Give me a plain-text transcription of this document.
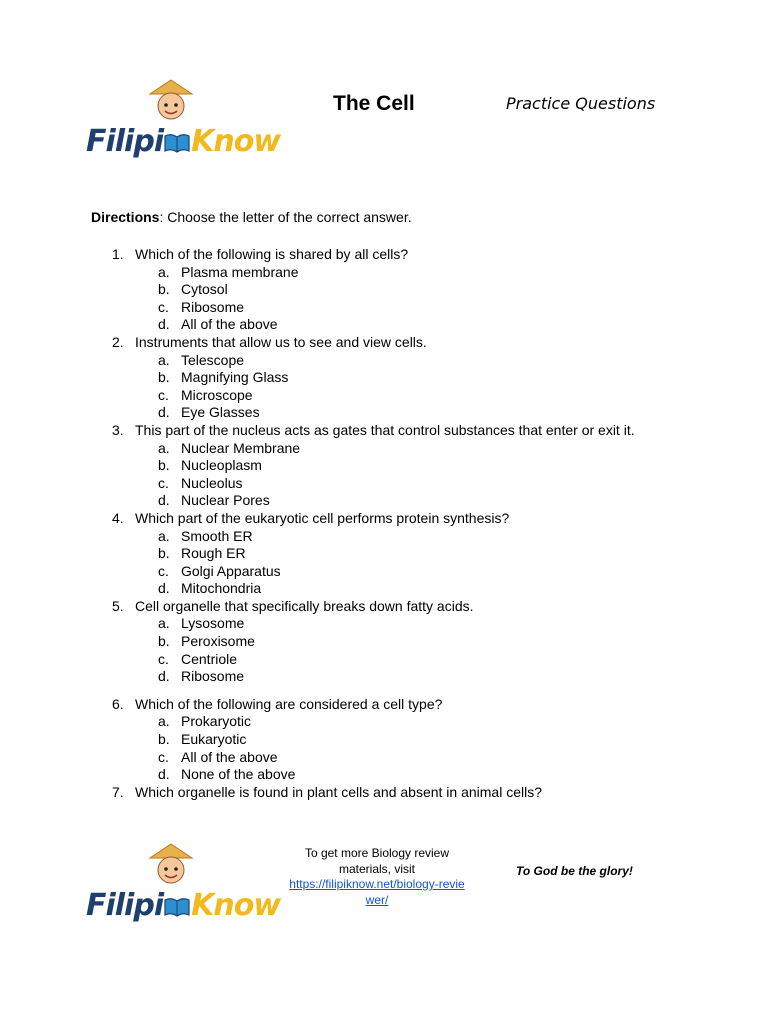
Filipi Know
The Cell	Practice Questions
Directions: Choose the letter of the correct answer.
1. Which of the following is shared by all cells?
a. Plasma membrane
b. Cytosol
c. Ribosome
d. All of the above
2. Instruments that allow us to see and view cells.
a. Telescope
b. Magnifying Glass
c. Microscope
d. Eye Glasses
3. This part of the nucleus acts as gates that control substances that enter or exit it.
a. Nuclear Membrane
b. Nucleoplasm
c. Nucleolus
d. Nuclear Pores
4. Which part of the eukaryotic cell performs protein synthesis?
a. Smooth ER
b. Rough ER
c. Golgi Apparatus
d. Mitochondria
5. Cell organelle that specifically breaks down fatty acids.
a. Lysosome
b. Peroxisome
c. Centriole
d. Ribosome
6. Which of the following are considered a cell type?
a. Prokaryotic
b. Eukaryotic
c. All of the above
d. None of the above
7. Which organelle is found in plant cells and absent in animal cells?
Filipi Know
To get more Biology review materials, visit
https://filipiknow.net/biology-reviewer/
To God be the glory!
